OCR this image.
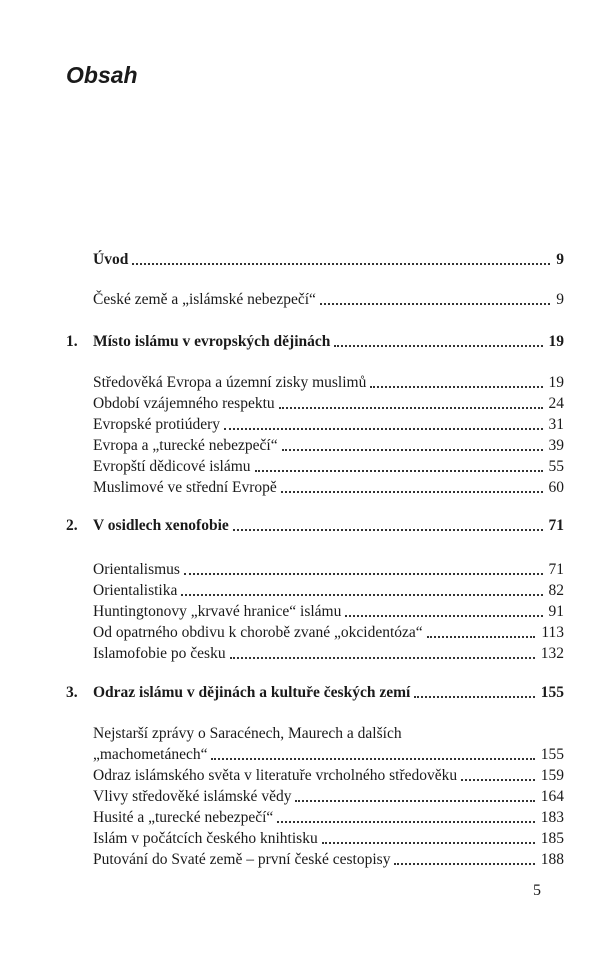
Obsah
Úvod	9
České země a „islámské nebezpečí“	9
1. Místo islámu v evropských dějinách	19
Středověká Evropa a územní zisky muslimů	19
Období vzájemného respektu	24
Evropské protiúdery	31
Evropa a „turecké nebezpečí“	39
Evropští dědicové islámu	55
Muslimové ve střední Evropě	60
2. V osidlech xenofobie	71
Orientalismus	71
Orientalistika	82
Huntingtonovy „krvavé hranice“ islámu	91
Od opatrného obdivu k chorobě zvané „okcidentóza“	113
Islamofobie po česku	132
3. Odraz islámu v dějinách a kultuře českých zemí	155
Nejstarší zprávy o Saracénech, Maurech a dalších
„machometánech“	155
Odraz islámského světa v literatuře vrcholného středověku	159
Vlivy středověké islámské vědy	164
Husité a „turecké nebezpečí“	183
Islám v počátcích českého knihtisku	185
Putování do Svaté země – první české cestopisy	188
5
